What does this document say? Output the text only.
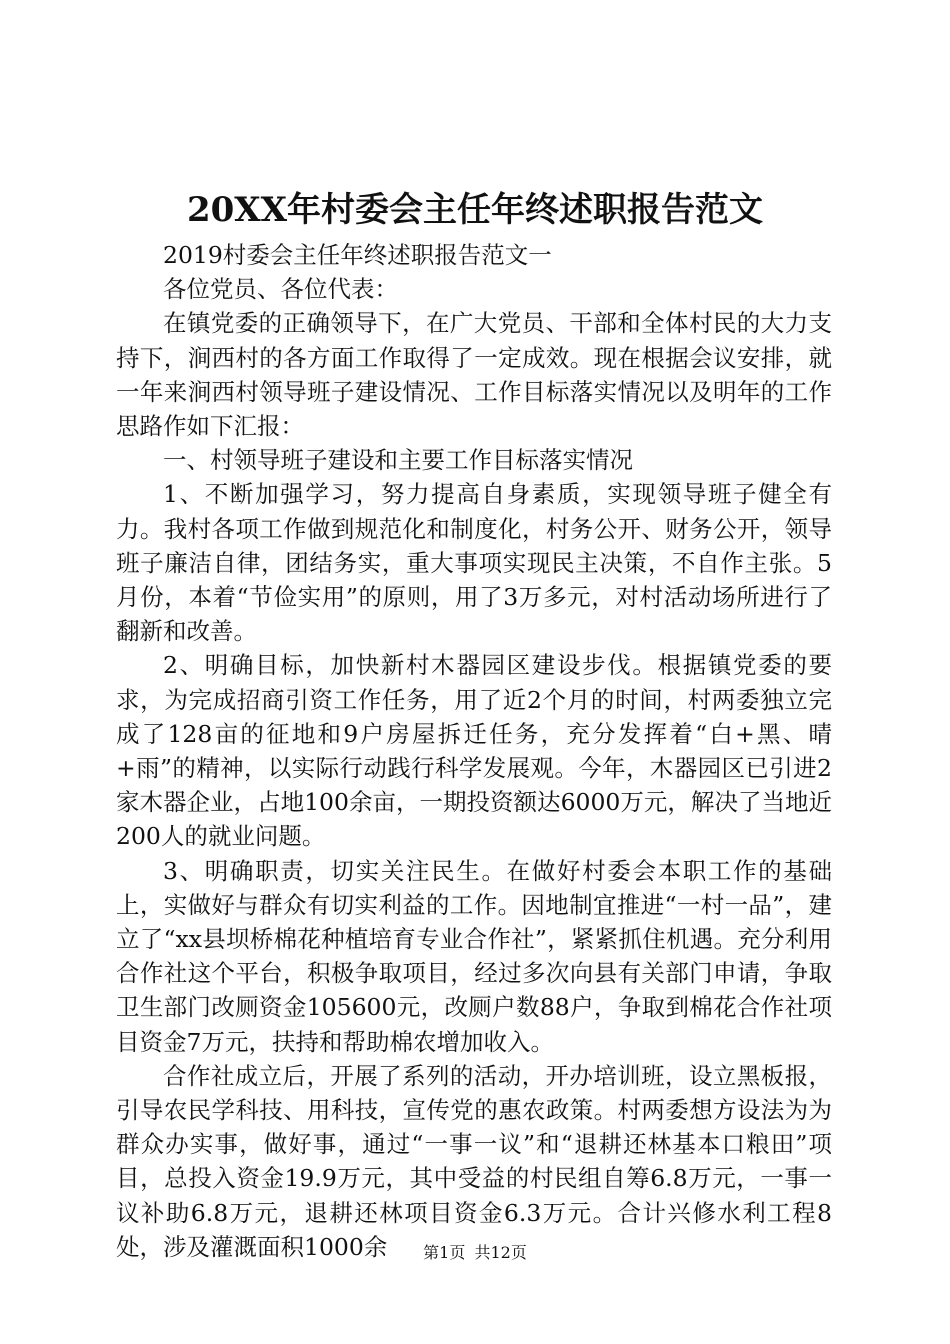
20XX年村委会主任年终述职报告范文

2019村委会主任年终述职报告范文一

各位党员、各位代表：

在镇党委的正确领导下，在广大党员、干部和全体村民的大力支持下，涧西村的各方面工作取得了一定成效。现在根据会议安排，就一年来涧西村领导班子建设情况、工作目标落实情况以及明年的工作思路作如下汇报：

一、村领导班子建设和主要工作目标落实情况

1、不断加强学习，努力提高自身素质，实现领导班子健全有力。我村各项工作做到规范化和制度化，村务公开、财务公开，领导班子廉洁自律，团结务实，重大事项实现民主决策，不自作主张。5月份，本着“节俭实用”的原则，用了3万多元，对村活动场所进行了翻新和改善。

2、明确目标，加快新村木器园区建设步伐。根据镇党委的要求，为完成招商引资工作任务，用了近2个月的时间，村两委独立完成了128亩的征地和9户房屋拆迁任务，充分发挥着“白+黑、晴+雨”的精神，以实际行动践行科学发展观。今年，木器园区已引进2家木器企业，占地100余亩，一期投资额达6000万元，解决了当地近200人的就业问题。

3、明确职责，切实关注民生。在做好村委会本职工作的基础上，实做好与群众有切实利益的工作。因地制宜推进“一村一品”，建立了“xx县坝桥棉花种植培育专业合作社”，紧紧抓住机遇。充分利用合作社这个平台，积极争取项目，经过多次向县有关部门申请，争取卫生部门改厕资金105600元，改厕户数88户，争取到棉花合作社项目资金7万元，扶持和帮助棉农增加收入。

合作社成立后，开展了系列的活动，开办培训班，设立黑板报，引导农民学科技、用科技，宣传党的惠农政策。村两委想方设法为为群众办实事，做好事，通过“一事一议”和“退耕还林基本口粮田”项目，总投入资金19.9万元，其中受益的村民组自筹6.8万元，一事一议补助6.8万元，退耕还林项目资金6.3万元。合计兴修水利工程8处，涉及灌溉面积1000余	第1页 共12页
